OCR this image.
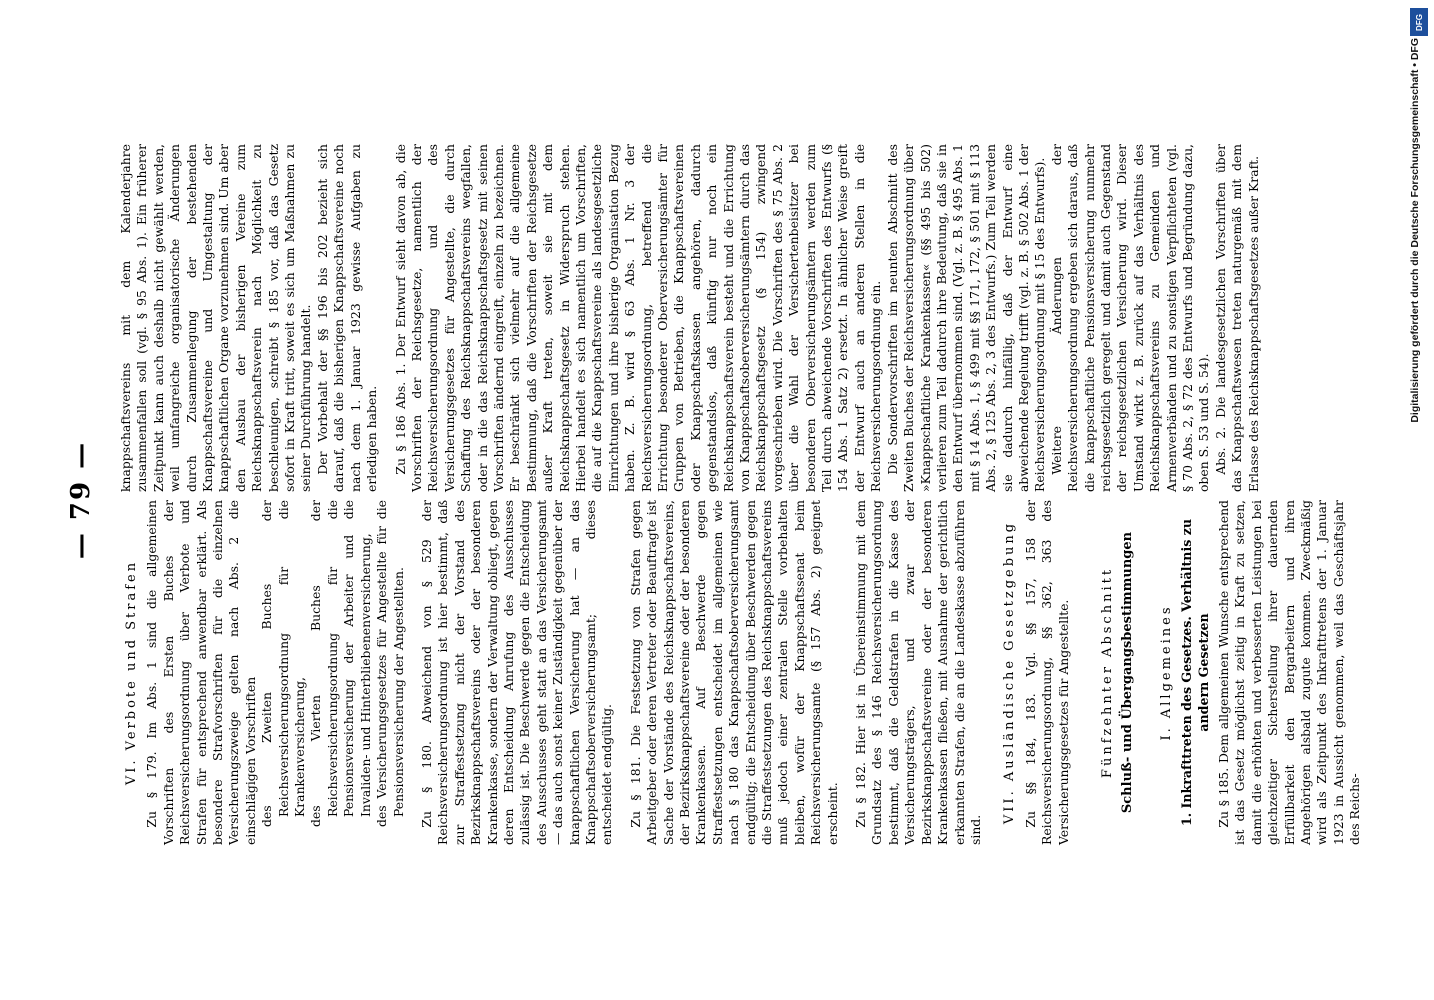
— 79 —
VI. Verbote und Strafen Zu § 179. Im Abs. 1 sind die allgemeinen Vorschriften des Ersten Buches der Reichsversicherungsordnung über Verbote und Strafen für entsprechend anwendbar erklärt. Als besondere Strafvorschriften für die einzelnen Versicherungszweige gelten nach Abs. 2 die einschlägigen Vorschriften des Zweiten Buches der Reichsversicherungsordnung für die Krankenversicherung, des Vierten Buches der Reichsversicherungsordnung für die Pensionsversicherung der Arbeiter und die Invaliden- und Hinterbliebenenversicherung, des Versicherungsgesetzes für Angestellte für die Pensionsversicherung der Angestellten. Zu § 180. Abweichend von § 529 der Reichsversicherungsordnung ist hier bestimmt, daß zur Straffestsetzung nicht der Vorstand des Bezirksknappschaftsvereins oder der besonderen Krankenkasse, sondern der Verwaltung obliegt, gegen deren Entscheidung Anrufung des Ausschusses zulässig ist. Die Beschwerde gegen die Entscheidung des Ausschusses geht statt an das Versicherungsamt — das auch sonst keiner Zuständigkeit gegenüber der knappschaftlichen Versicherung hat — an das Knappschaftsoberversicherungsamt; dieses entscheidet endgültig. Zu § 181. Die Festsetzung von Strafen gegen Arbeitgeber oder deren Vertreter oder Beauftragte ist Sache der Vorstände des Reichsknappschaftsvereins, der Bezirksknappschaftsvereine oder der besonderen Krankenkassen. Auf Beschwerde gegen Straffestsetzungen entscheidet im allgemeinen wie nach § 180 das Knappschaftsoberversicherungsamt endgültig; die Entscheidung über Beschwerden gegen die Straffestsetzungen des Reichsknappschaftsvereins muß jedoch einer zentralen Stelle vorbehalten bleiben, wofür der Knappschaftssenat beim Reichsversicherungsamte (§ 157 Abs. 2) geeignet erscheint. Zu § 182. Hier ist in Übereinstimmung mit dem Grundsatz des § 146 Reichsversicherungsordnung bestimmt, daß die Geldstrafen in die Kasse des Versicherungsträgers, und zwar der Bezirksknappschaftsvereine oder der besonderen Krankenkassen fließen, mit Ausnahme der gerichtlich erkannten Strafen, die an die Landeskasse abzuführen sind.

VII. Ausländische Gesetzgebung Zu §§ 184, 183. Vgl. §§ 157, 158 der Reichsversicherungsordnung, §§ 362, 363 des Versicherungsgesetzes für Angestellte. Fünfzehnter Abschnitt Schluß- und Übergangsbestimmungen I. Allgemeines 1. Inkrafttreten des Gesetzes. Verhältnis zu andern Gesetzen Zu § 185. Dem allgemeinen Wunsche entsprechend ist das Gesetz möglichst zeitig in Kraft zu setzen, damit die erhöhten und verbesserten Leistungen bei gleichzeitiger Sicherstellung ihrer dauernden Erfüllbarkeit den Bergarbeitern und ihren Angehörigen alsbald zugute kommen. Zweckmäßig wird als Zeitpunkt des Inkrafttretens der 1. Januar 1923 in Aussicht genommen, weil das Geschäftsjahr des Reichs-

knappschaftsvereins mit dem Kalenderjahre zusammenfallen soll (vgl. § 95 Abs. 1). Ein früherer Zeitpunkt kann auch deshalb nicht gewählt werden, weil umfangreiche organisatorische Änderungen durch Zusammenlegung der bestehenden Knappschaftsvereine und Umgestaltung der knappschaftlichen Organe vorzunehmen sind. Um aber den Ausbau der bisherigen Vereine zum Reichsknappschaftsverein nach Möglichkeit zu beschleunigen, schreibt § 185 vor, daß das Gesetz sofort in Kraft tritt, soweit es sich um Maßnahmen zu seiner Durchführung handelt. Der Vorbehalt der §§ 196 bis 202 bezieht sich darauf, daß die bisherigen Knappschaftsvereine noch nach dem 1. Januar 1923 gewisse Aufgaben zu erledigen haben. Zu § 186 Abs. 1. Der Entwurf sieht davon ab, die Vorschriften der Reichsgesetze, namentlich der Reichsversicherungsordnung und des Versicherungsgesetzes für Angestellte, die durch Schaffung des Reichsknappschaftsvereins wegfallen, oder in die das Reichsknappschaftsgesetz mit seinen Vorschriften ändernd eingreift, einzeln zu bezeichnen. Er beschränkt sich vielmehr auf die allgemeine Bestimmung, daß die Vorschriften der Reichsgesetze außer Kraft treten, soweit sie mit dem Reichsknappschaftsgesetz in Widerspruch stehen. Hierbei handelt es sich namentlich um Vorschriften, die auf die Knappschaftsvereine als landesgesetzliche Einrichtungen und ihre bisherige Organisation Bezug haben. Z. B. wird § 63 Abs. 1 Nr. 3 der Reichsversicherungsordnung, betreffend die Errichtung besonderer Oberversicherungsämter für Gruppen von Betrieben, die Knappschaftsvereinen oder Knappschaftskassen angehören, dadurch gegenstandslos, daß künftig nur noch ein Reichsknappschaftsverein besteht und die Errichtung von Knappschaftsoberversicherungsämtern durch das Reichsknappschaftsgesetz (§ 154) zwingend vorgeschrieben wird. Die Vorschriften des § 75 Abs. 2 über die Wahl der Versichertenbeisitzer bei besonderen Oberversicherungsämtern werden zum Teil durch abweichende Vorschriften des Entwurfs (§ 154 Abs. 1 Satz 2) ersetzt. In ähnlicher Weise greift der Entwurf auch an anderen Stellen in die Reichsversicherungsordnung ein. Die Sondervorschriften im neunten Abschnitt des Zweiten Buches der Reichsversicherungsordnung über »Knappschaftliche Krankenkassen« (§§ 495 bis 502) verlieren zum Teil dadurch ihre Bedeutung, daß sie in den Entwurf übernommen sind. (Vgl. z. B. § 495 Abs. 1 mit § 14 Abs. 1, § 499 mit §§ 171, 172, § 501 mit § 113 Abs. 2, § 125 Abs. 2, 3 des Entwurfs.) Zum Teil werden sie dadurch hinfällig, daß der Entwurf eine abweichende Regelung trifft (vgl. z. B. § 502 Abs. 1 der Reichsversicherungsordnung mit § 15 des Entwurfs). Weitere Änderungen der Reichsversicherungsordnung ergeben sich daraus, daß die knappschaftliche Pensionsversicherung nunmehr reichsgesetzlich geregelt und damit auch Gegenstand der reichsgesetzlichen Versicherung wird. Dieser Umstand wirkt z. B. zurück auf das Verhältnis des Reichsknappschaftsvereins zu Gemeinden und Armenverbänden und zu sonstigen Verpflichteten (vgl. § 70 Abs. 2, § 72 des Entwurfs und Begründung dazu, oben S. 53 und S. 54). Abs. 2. Die landesgesetzlichen Vorschriften über das Knappschaftswesen treten naturgemäß mit dem Erlasse des Reichsknappschaftsgesetzes außer Kraft.	Digitalisierung gefördert durch die Deutsche Forschungsgemeinschaft • DFG
DFG
